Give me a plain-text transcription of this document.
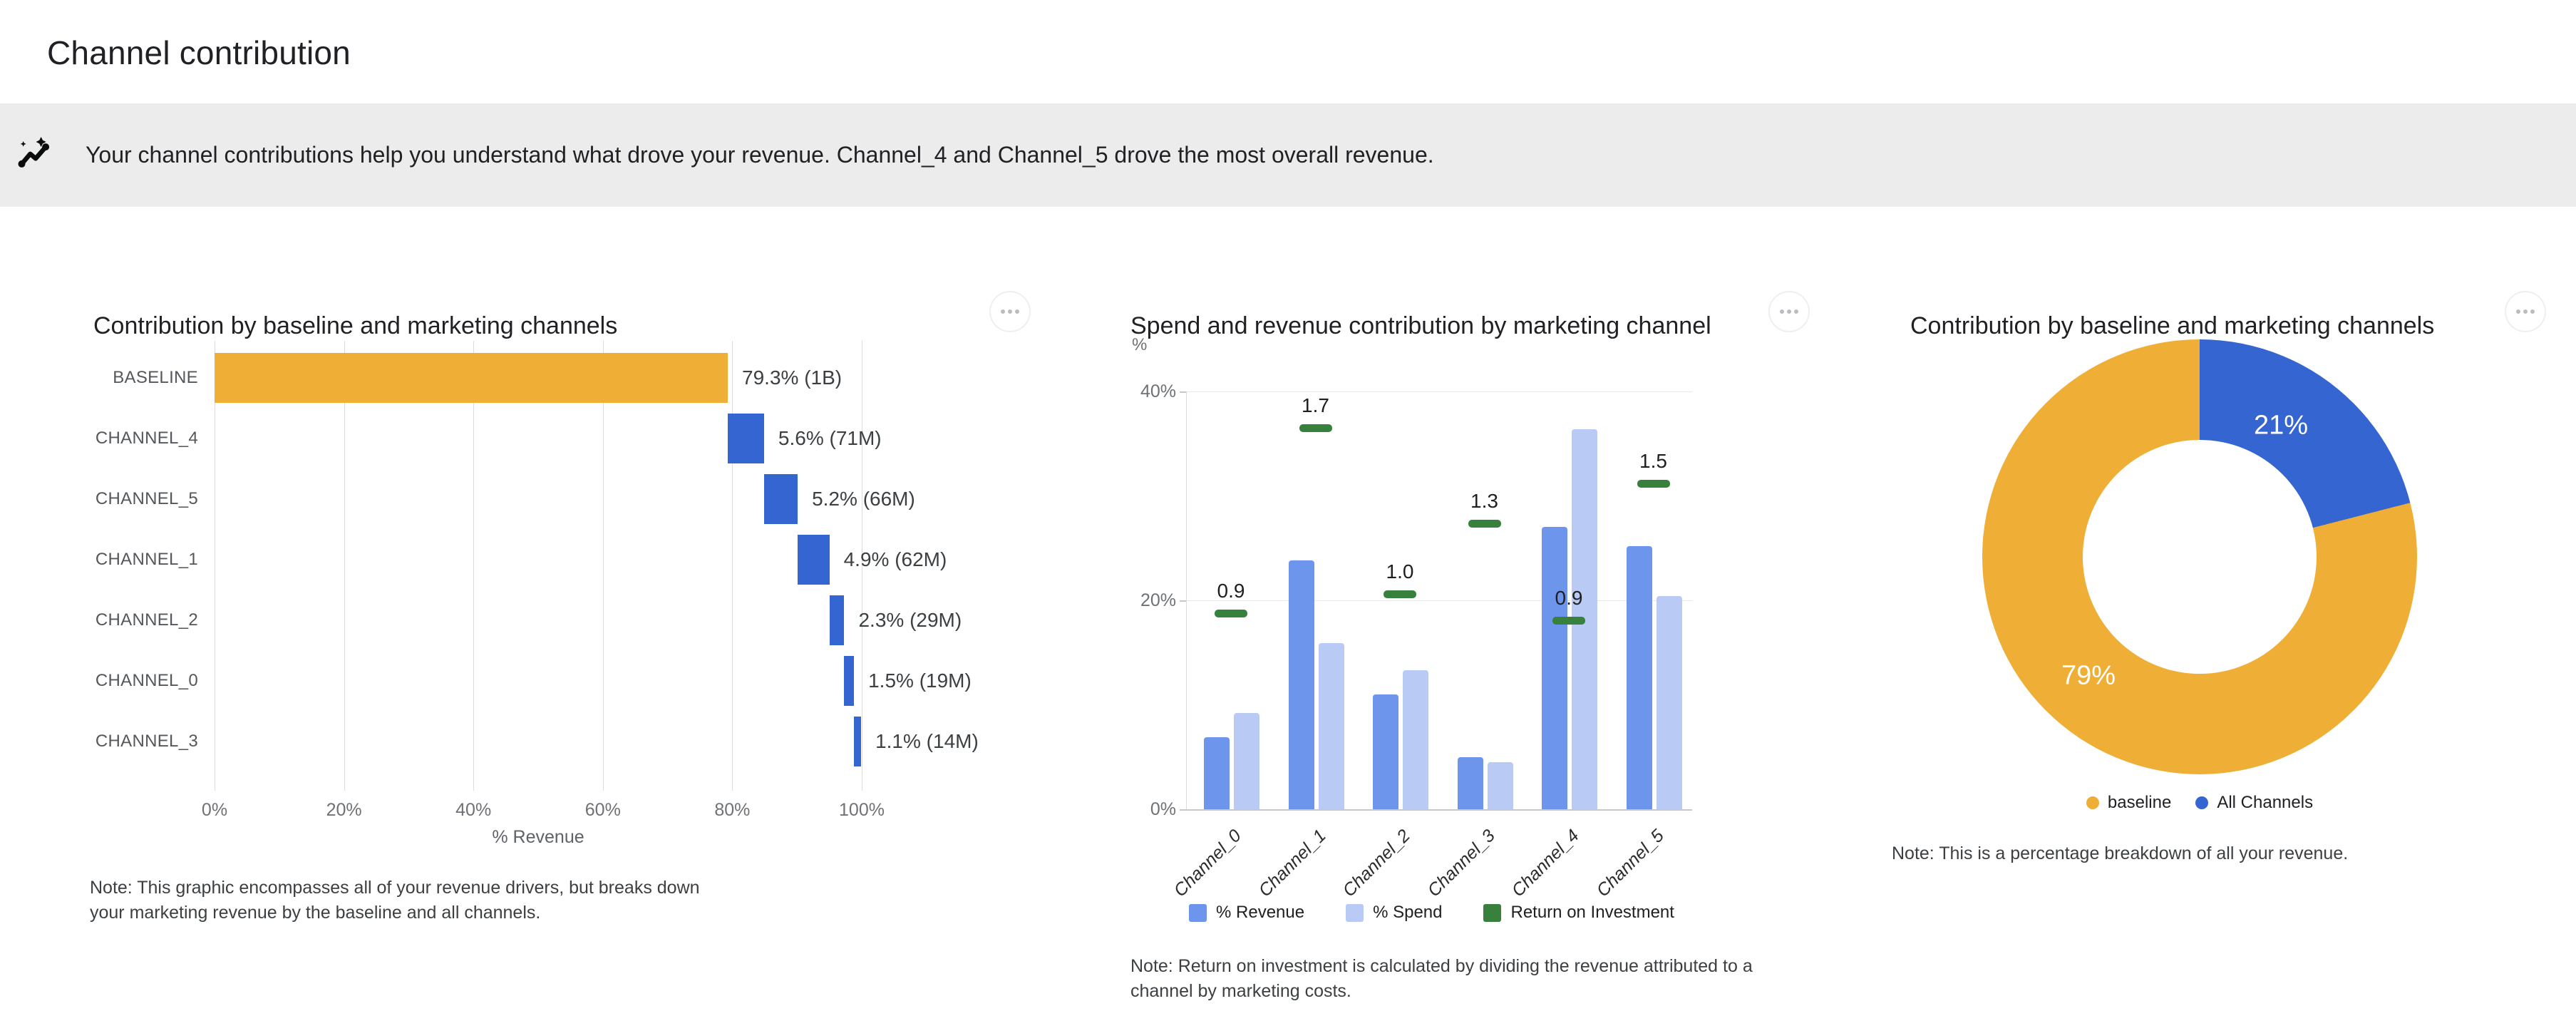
Channel contribution
Your channel contributions help you understand what drove your revenue. Channel_4 and Channel_5 drove the most overall revenue.
Contribution by baseline and marketing channels
0%	20%	40%	60%	80%	100%
BASELINE	79.3% (1B)
CHANNEL_4	5.6% (71M)
CHANNEL_5	5.2% (66M)
CHANNEL_1	4.9% (62M)
CHANNEL_2	2.3% (29M)
CHANNEL_0	1.5% (19M)
CHANNEL_3	1.1% (14M)
% Revenue
Note: This graphic encompasses all of your revenue drivers, but breaks down your marketing revenue by the baseline and all channels.
Spend and revenue contribution by marketing channel
%
0%
20%
40%
0.9
Channel_0
1.7
Channel_1
1.0
Channel_2
1.3
Channel_3
0.9
Channel_4
1.5
Channel_5
% Revenue	% Spend	Return on Investment
Note: Return on investment is calculated by dividing the revenue attributed to a channel by marketing costs.
Contribution by baseline and marketing channels
21%
79%
baseline	All Channels
Note: This is a percentage breakdown of all your revenue.
